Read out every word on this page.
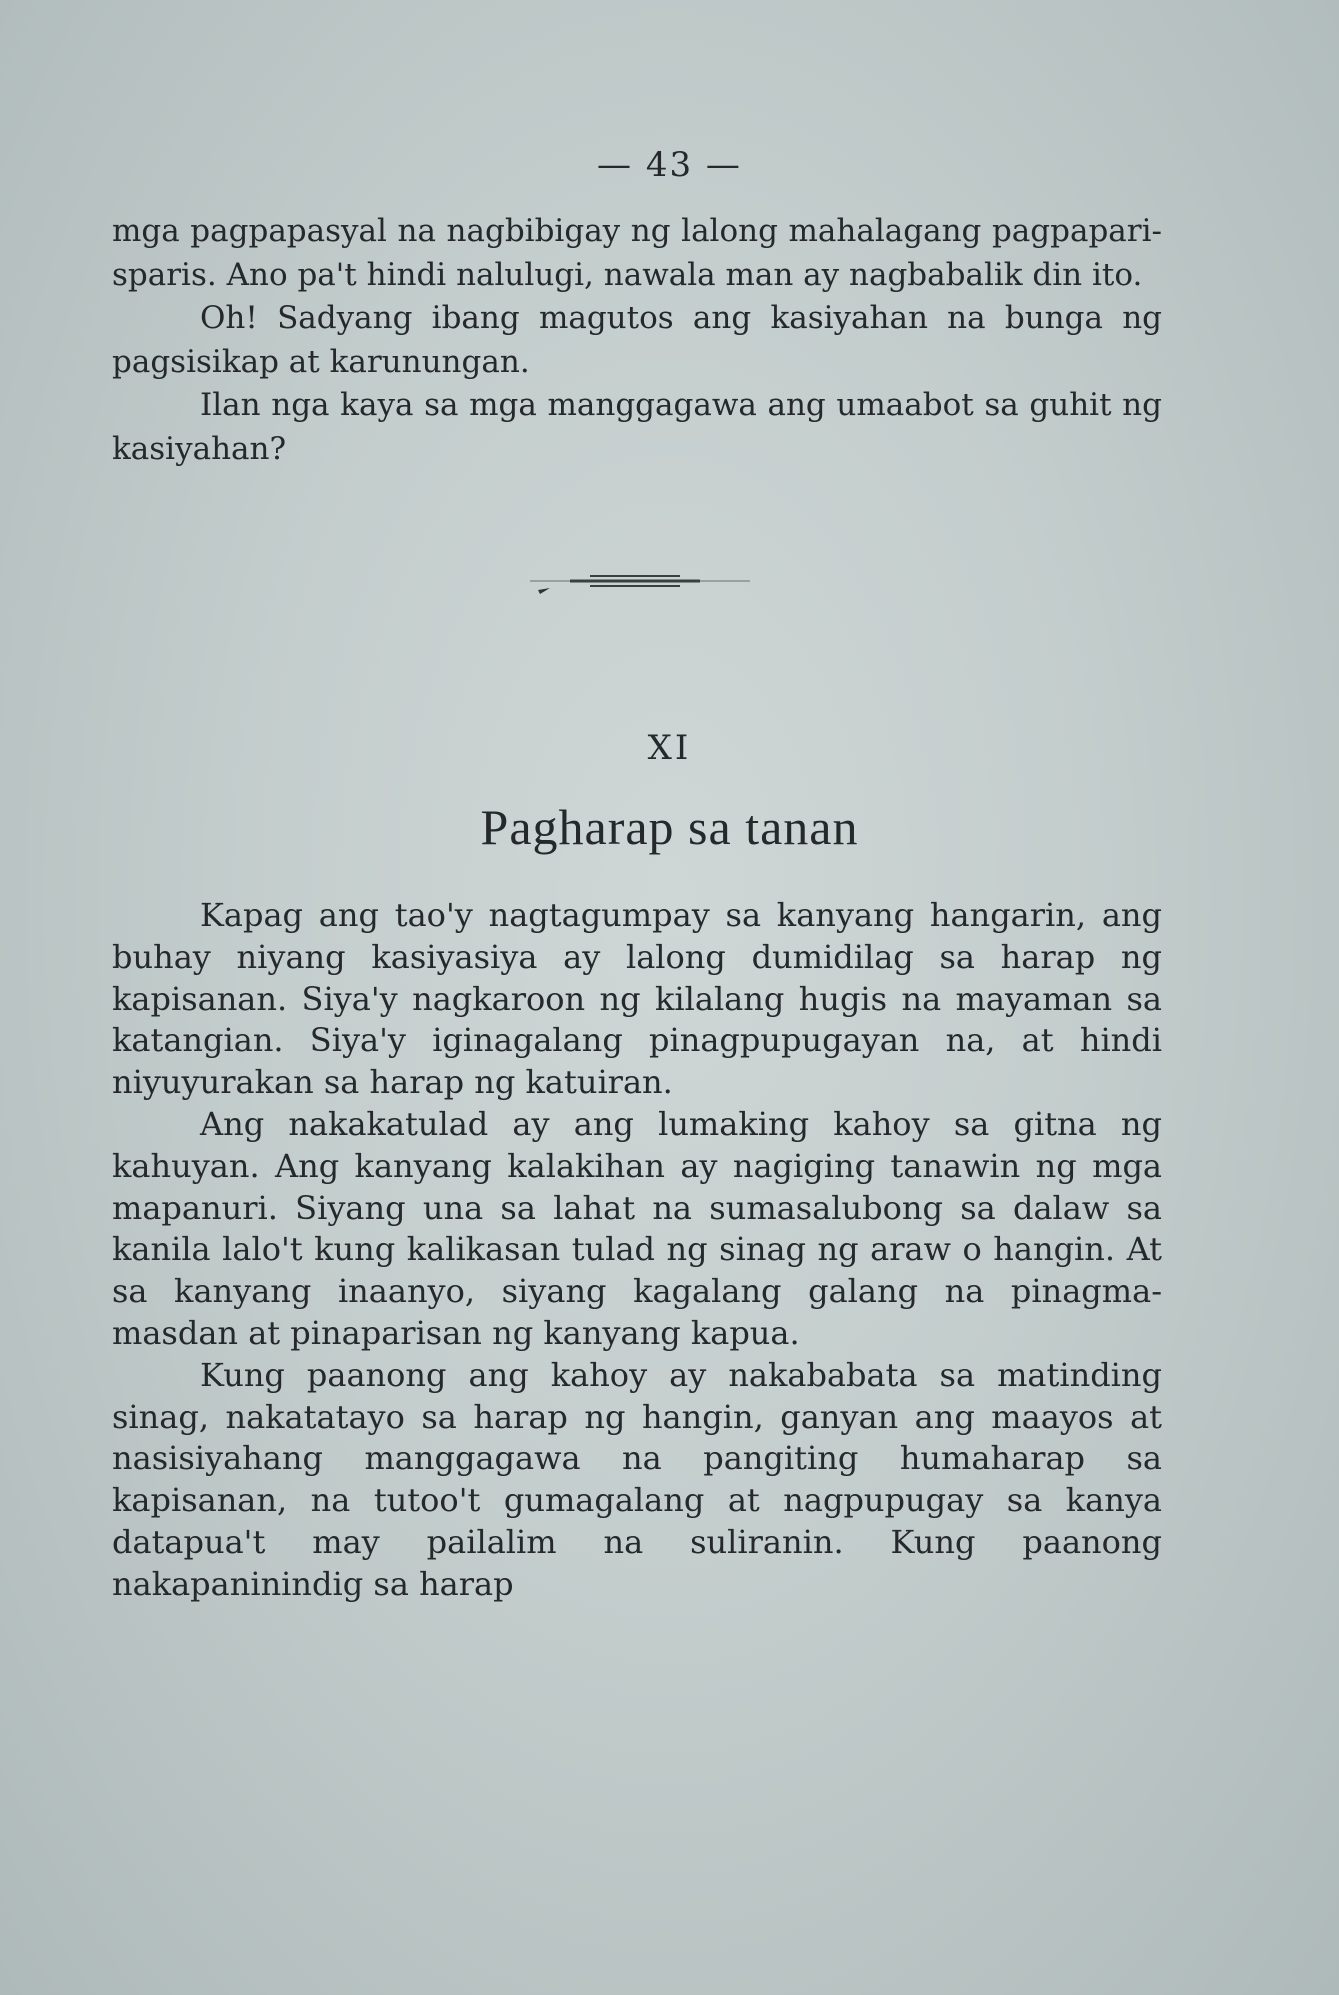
— 43 —

mga pagpapasyal na nagbibigay ng lalong mahalagang pagpaparisparis. Ano pa't hindi nalulugi, nawala man ay nagbabalik din ito.

Oh! Sadyang ibang magutos ang kasiyahan na bunga ng pagsisikap at karunungan.

Ilan nga kaya sa mga manggagawa ang umaabot sa guhit ng kasiyahan?

XI
Pagharap sa tanan

Kapag ang tao'y nagtagumpay sa kanyang hangarin, ang buhay niyang kasiyasiya ay lalong dumidilag sa harap ng kapisanan. Siya'y nagkaroon ng kilalang hugis na mayaman sa katangian. Siya'y iginagalang pinagpupugayan na, at hindi niyuyurakan sa harap ng katuiran.

Ang nakakatulad ay ang lumaking kahoy sa gitna ng kahuyan. Ang kanyang kalakihan ay nagiging tanawin ng mga mapanuri. Siyang una sa lahat na sumasalubong sa dalaw sa kanila lalo't kung kalikasan tulad ng sinag ng araw o hangin. At sa kanyang inaanyo, siyang kagalang galang na pinagmamasdan at pinaparisan ng kanyang kapua.

Kung paanong ang kahoy ay nakababata sa matinding sinag, nakatatayo sa harap ng hangin, ganyan ang maayos at nasisiyahang manggagawa na pangiting humaharap sa kapisanan, na tutoo't gumagalang at nagpupugay sa kanya datapua't may pailalim na suliranin. Kung paanong nakapaninindig sa harap
